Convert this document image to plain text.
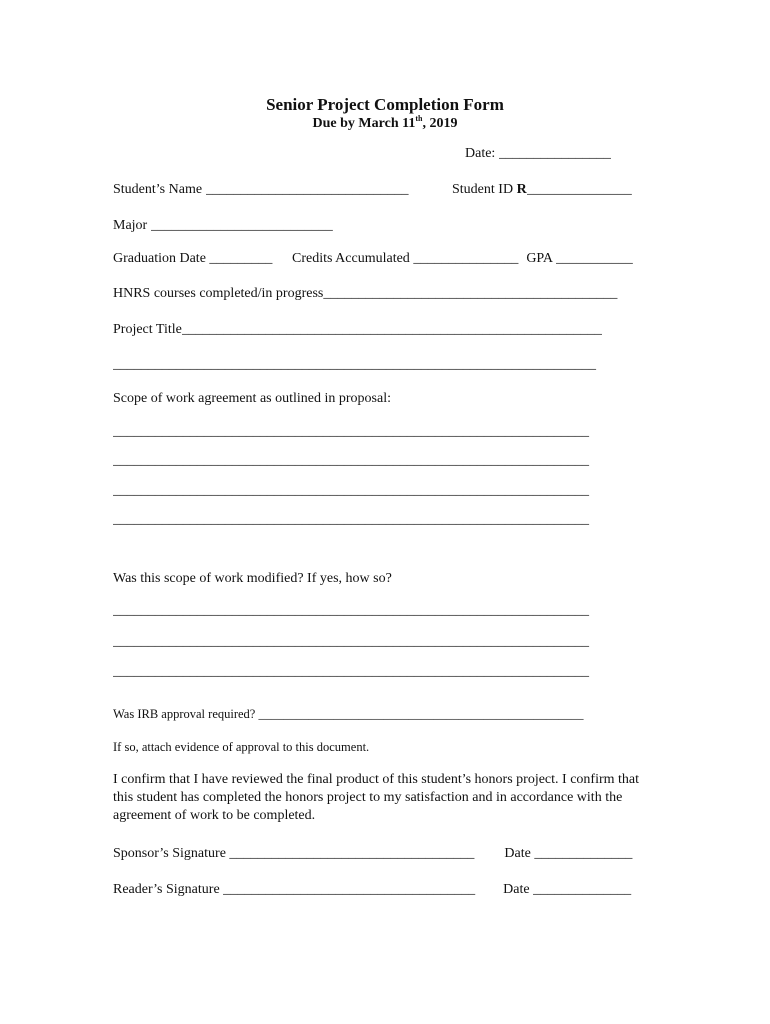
Senior Project Completion Form
Due by March 11th, 2019
Date: ________________
Student’s Name _____________________________	Student ID R_______________
Major __________________________
Graduation Date _________	Credits Accumulated _______________ GPA ___________
HNRS courses completed/in progress__________________________________________
Project Title____________________________________________________________
_____________________________________________________________________
Scope of work agreement as outlined in proposal:
____________________________________________________________________
____________________________________________________________________
____________________________________________________________________
____________________________________________________________________
Was this scope of work modified? If yes, how so?
____________________________________________________________________
____________________________________________________________________
____________________________________________________________________
Was IRB approval required? ____________________________________________________
If so, attach evidence of approval to this document.
I confirm that I have reviewed the final product of this student’s honors project. I confirm that this student has completed the honors project to my satisfaction and in accordance with the agreement of work to be completed.
Sponsor’s Signature ___________________________________ Date ______________
Reader’s Signature ____________________________________ Date ______________
